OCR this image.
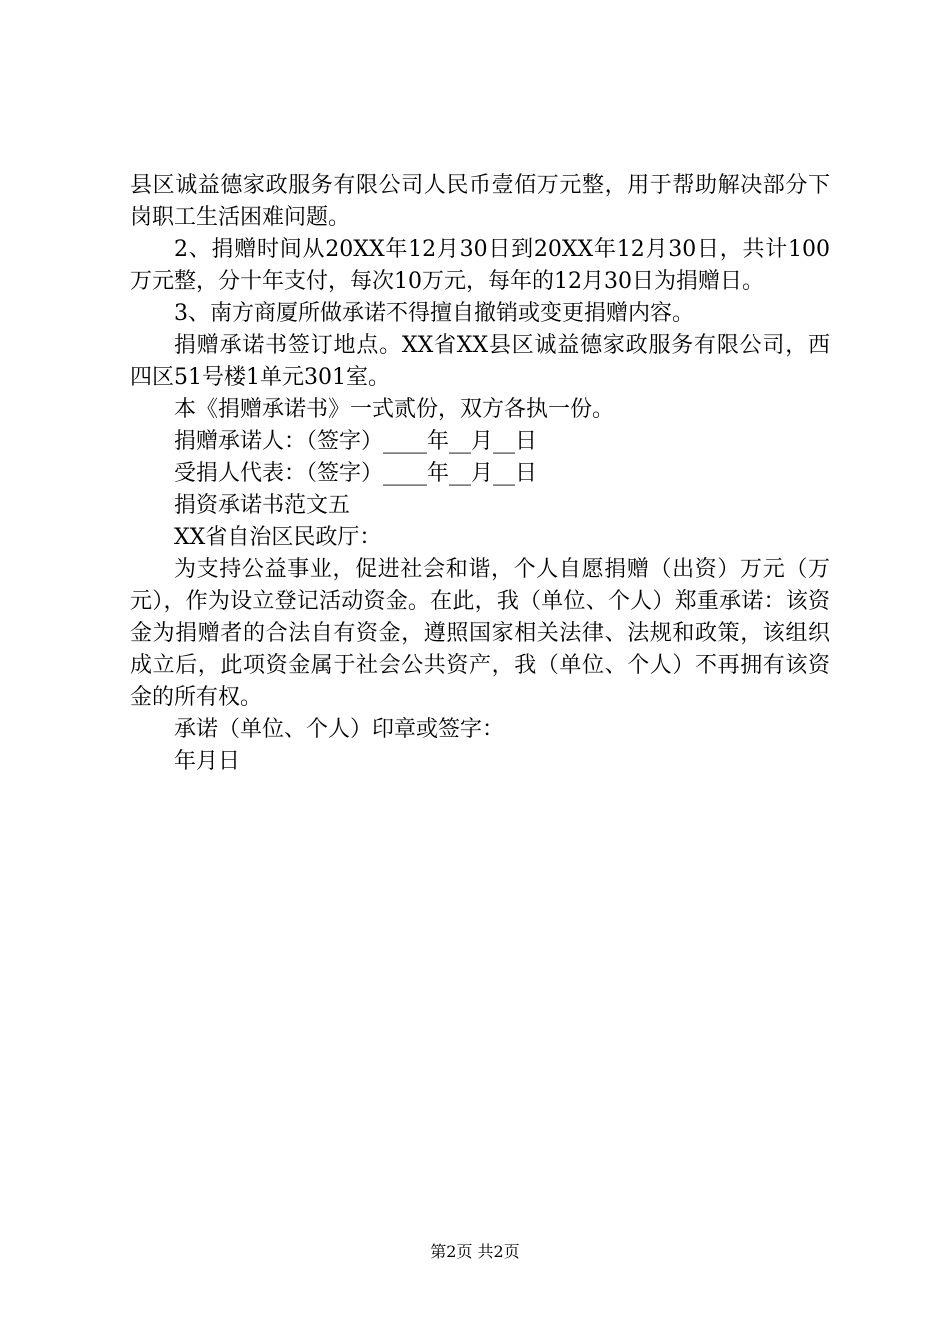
县区诚益德家政服务有限公司人民币壹佰万元整，用于帮助解决部分下岗职工生活困难问题。

2、捐赠时间从20XX年12月30日到20XX年12月30日，共计100万元整，分十年支付，每次10万元，每年的12月30日为捐赠日。

3、南方商厦所做承诺不得擅自撤销或变更捐赠内容。

捐赠承诺书签订地点。XX省XX县区诚益德家政服务有限公司，西四区51号楼1单元301室。

本《捐赠承诺书》一式贰份，双方各执一份。

捐赠承诺人：（签字）____年__月__日

受捐人代表：（签字）____年__月__日

捐资承诺书范文五

XX省自治区民政厅：

为支持公益事业，促进社会和谐，个人自愿捐赠（出资）万元（万元），作为设立登记活动资金。在此，我（单位、个人）郑重承诺：该资金为捐赠者的合法自有资金，遵照国家相关法律、法规和政策，该组织成立后，此项资金属于社会公共资产，我（单位、个人）不再拥有该资金的所有权。

承诺（单位、个人）印章或签字：

年月日

第2页 共2页
